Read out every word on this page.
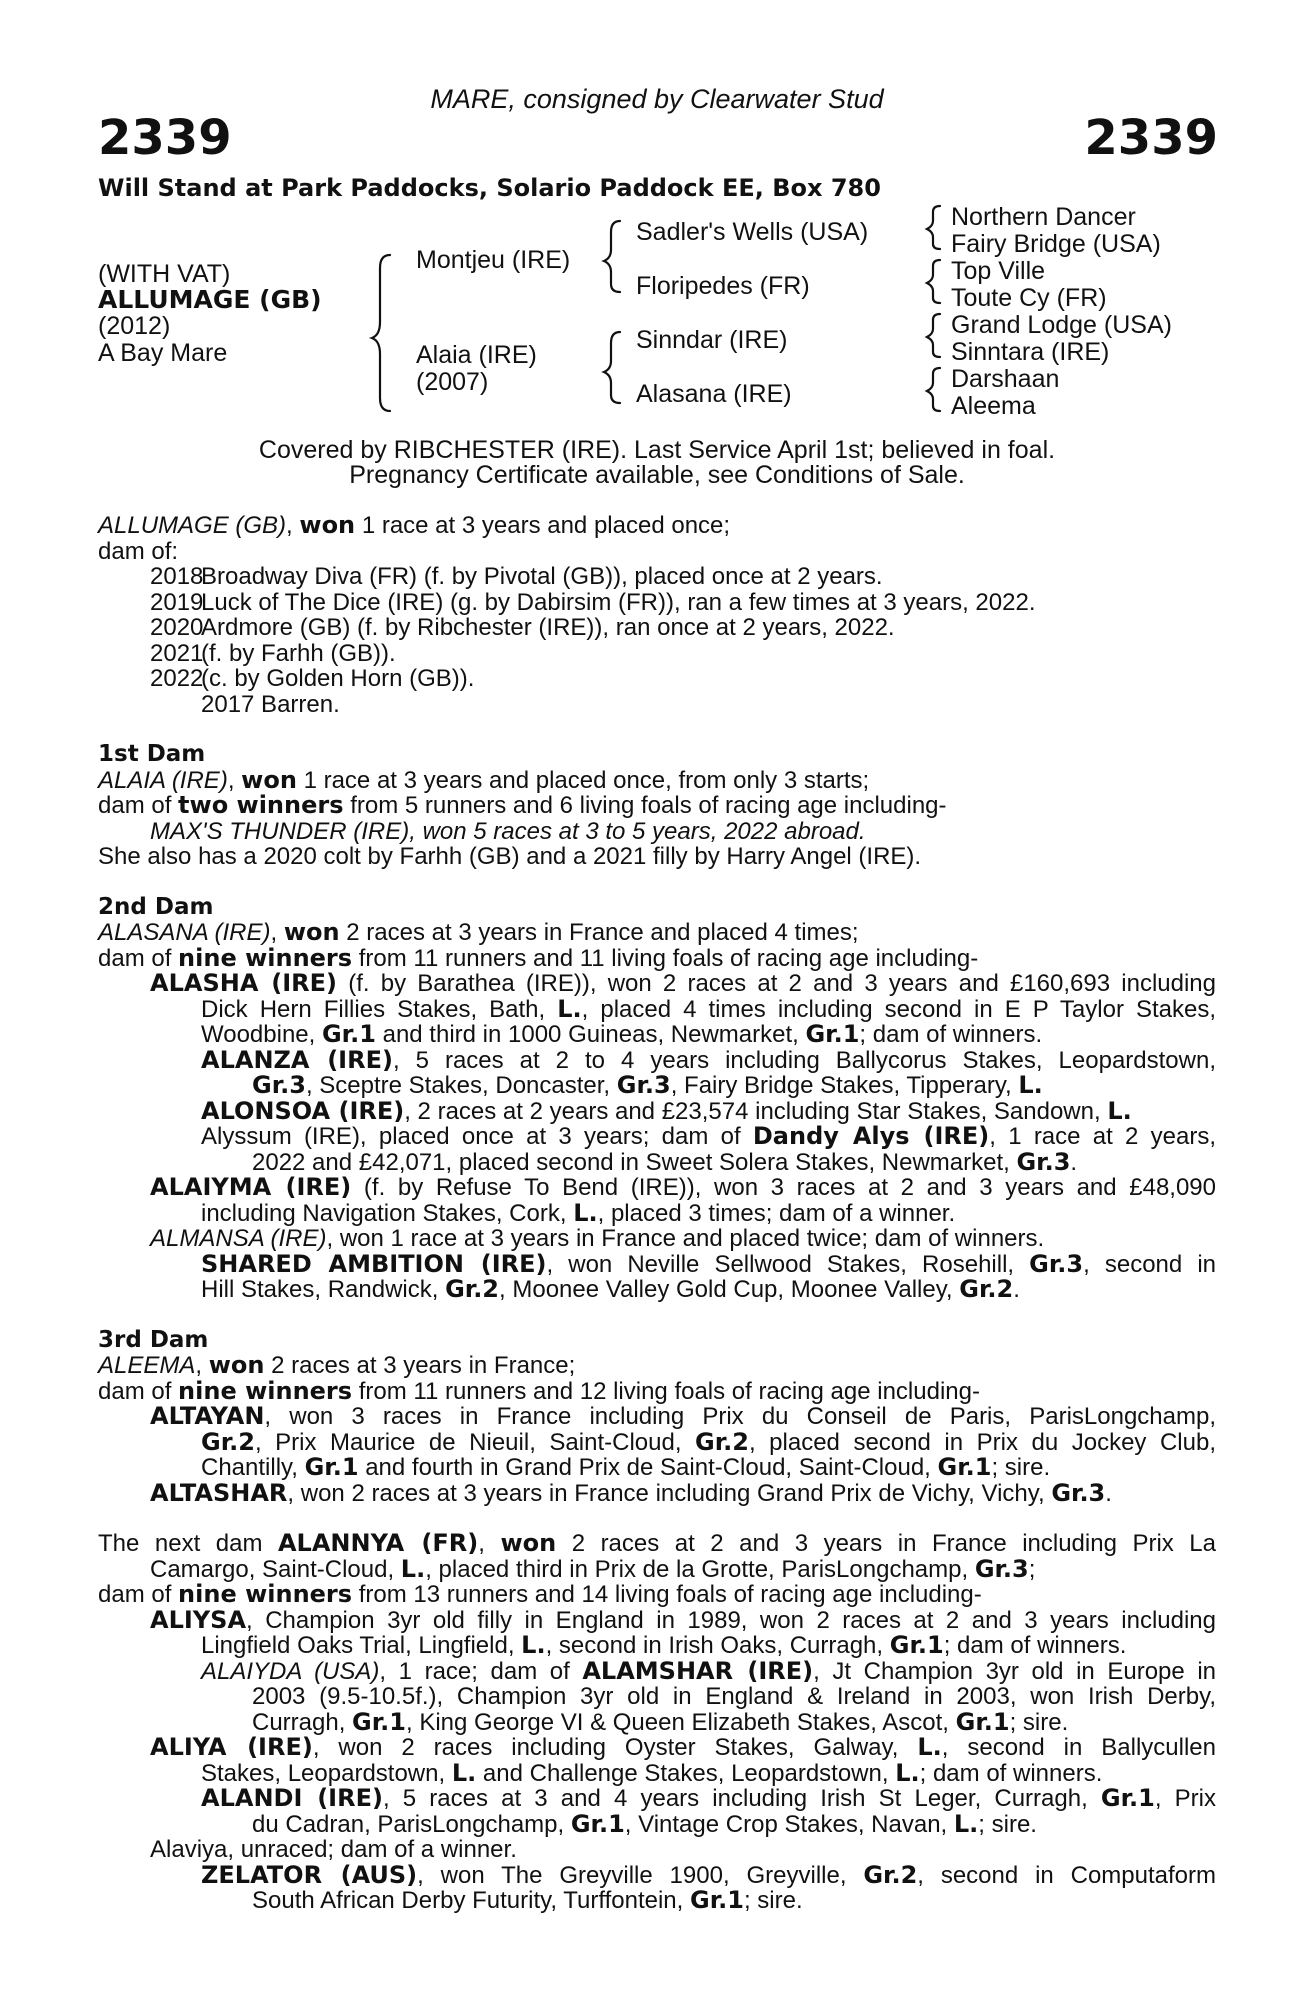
MARE, consigned by Clearwater Stud
2339	2339
Will Stand at Park Paddocks, Solario Paddock EE, Box 780
(WITH VAT)
ALLUMAGE (GB)
(2012)
A Bay Mare
Montjeu (IRE)
Alaia (IRE)
(2007)
Sadler's Wells (USA)
Floripedes (FR)
Sinndar (IRE)
Alasana (IRE)
Northern Dancer
Fairy Bridge (USA)
Top Ville
Toute Cy (FR)
Grand Lodge (USA)
Sinntara (IRE)
Darshaan
Aleema
Covered by RIBCHESTER (IRE). Last Service April 1st; believed in foal.
Pregnancy Certificate available, see Conditions of Sale.
ALLUMAGE (GB), won 1 race at 3 years and placed once;
dam of:
2018Broadway Diva (FR) (f. by Pivotal (GB)), placed once at 2 years.
2019Luck of The Dice (IRE) (g. by Dabirsim (FR)), ran a few times at 3 years, 2022.
2020Ardmore (GB) (f. by Ribchester (IRE)), ran once at 2 years, 2022.
2021(f. by Farhh (GB)).
2022(c. by Golden Horn (GB)).
2017 Barren.
1st Dam
ALAIA (IRE), won 1 race at 3 years and placed once, from only 3 starts;
dam of two winners from 5 runners and 6 living foals of racing age including-
MAX'S THUNDER (IRE), won 5 races at 3 to 5 years, 2022 abroad.
She also has a 2020 colt by Farhh (GB) and a 2021 filly by Harry Angel (IRE).
2nd Dam
ALASANA (IRE), won 2 races at 3 years in France and placed 4 times;
dam of nine winners from 11 runners and 11 living foals of racing age including-
ALASHA (IRE) (f. by Barathea (IRE)), won 2 races at 2 and 3 years and £160,693 including
Dick Hern Fillies Stakes, Bath, L., placed 4 times including second in E P Taylor Stakes,
Woodbine, Gr.1 and third in 1000 Guineas, Newmarket, Gr.1; dam of winners.
ALANZA (IRE), 5 races at 2 to 4 years including Ballycorus Stakes, Leopardstown,
Gr.3, Sceptre Stakes, Doncaster, Gr.3, Fairy Bridge Stakes, Tipperary, L.
ALONSOA (IRE), 2 races at 2 years and £23,574 including Star Stakes, Sandown, L.
Alyssum (IRE), placed once at 3 years; dam of Dandy Alys (IRE), 1 race at 2 years,
2022 and £42,071, placed second in Sweet Solera Stakes, Newmarket, Gr.3.
ALAIYMA (IRE) (f. by Refuse To Bend (IRE)), won 3 races at 2 and 3 years and £48,090
including Navigation Stakes, Cork, L., placed 3 times; dam of a winner.
ALMANSA (IRE), won 1 race at 3 years in France and placed twice; dam of winners.
SHARED AMBITION (IRE), won Neville Sellwood Stakes, Rosehill, Gr.3, second in
Hill Stakes, Randwick, Gr.2, Moonee Valley Gold Cup, Moonee Valley, Gr.2.
3rd Dam
ALEEMA, won 2 races at 3 years in France;
dam of nine winners from 11 runners and 12 living foals of racing age including-
ALTAYAN, won 3 races in France including Prix du Conseil de Paris, ParisLongchamp,
Gr.2, Prix Maurice de Nieuil, Saint-Cloud, Gr.2, placed second in Prix du Jockey Club,
Chantilly, Gr.1 and fourth in Grand Prix de Saint-Cloud, Saint-Cloud, Gr.1; sire.
ALTASHAR, won 2 races at 3 years in France including Grand Prix de Vichy, Vichy, Gr.3.
The next dam ALANNYA (FR), won 2 races at 2 and 3 years in France including Prix La
Camargo, Saint-Cloud, L., placed third in Prix de la Grotte, ParisLongchamp, Gr.3;
dam of nine winners from 13 runners and 14 living foals of racing age including-
ALIYSA, Champion 3yr old filly in England in 1989, won 2 races at 2 and 3 years including
Lingfield Oaks Trial, Lingfield, L., second in Irish Oaks, Curragh, Gr.1; dam of winners.
ALAIYDA (USA), 1 race; dam of ALAMSHAR (IRE), Jt Champion 3yr old in Europe in
2003 (9.5-10.5f.), Champion 3yr old in England & Ireland in 2003, won Irish Derby,
Curragh, Gr.1, King George VI & Queen Elizabeth Stakes, Ascot, Gr.1; sire.
ALIYA (IRE), won 2 races including Oyster Stakes, Galway, L., second in Ballycullen
Stakes, Leopardstown, L. and Challenge Stakes, Leopardstown, L.; dam of winners.
ALANDI (IRE), 5 races at 3 and 4 years including Irish St Leger, Curragh, Gr.1, Prix
du Cadran, ParisLongchamp, Gr.1, Vintage Crop Stakes, Navan, L.; sire.
Alaviya, unraced; dam of a winner.
ZELATOR (AUS), won The Greyville 1900, Greyville, Gr.2, second in Computaform
South African Derby Futurity, Turffontein, Gr.1; sire.
